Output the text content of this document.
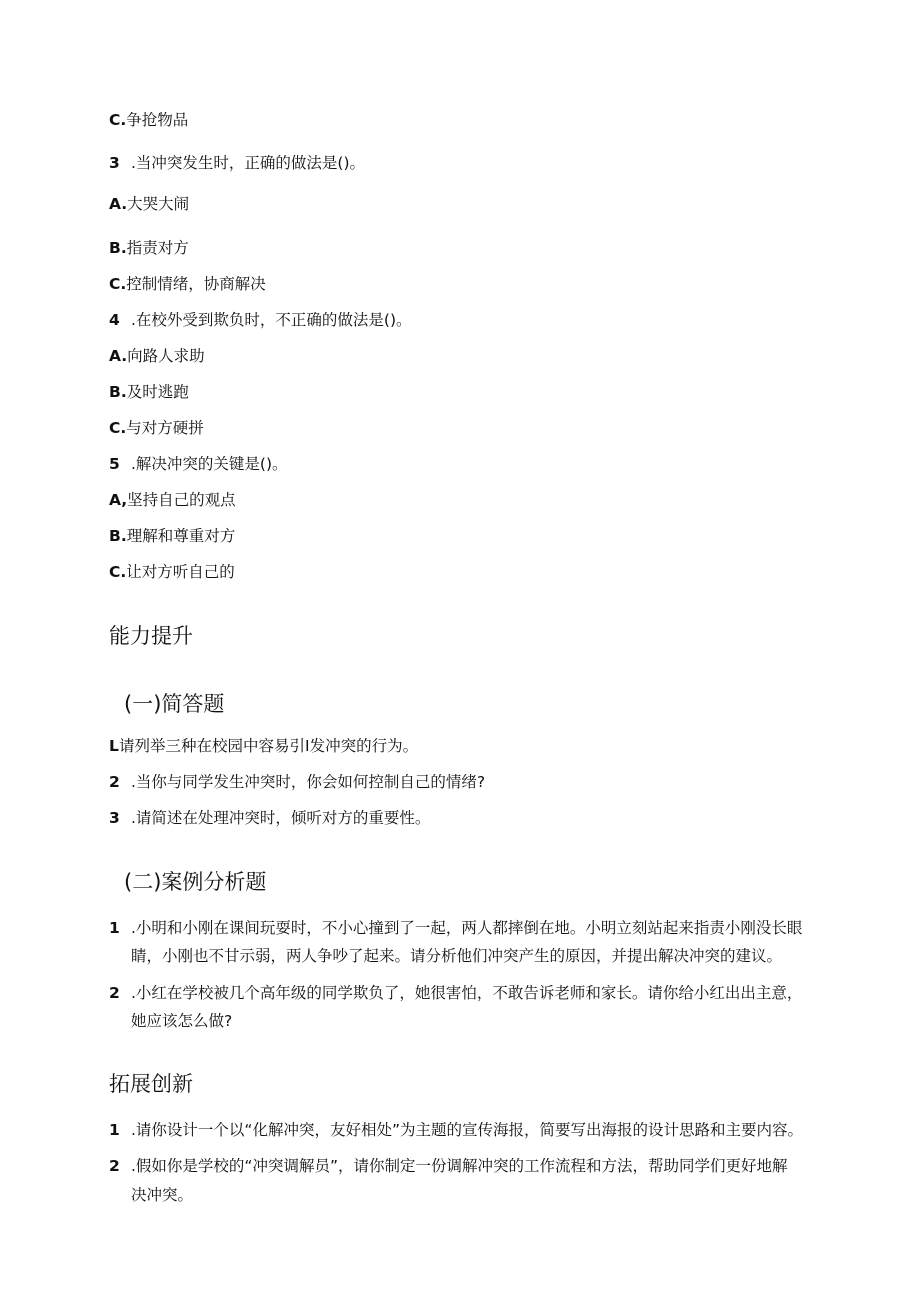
C.争抢物品
3 .当冲突发生时，正确的做法是()。
A.大哭大闹
B.指责对方
C.控制情绪，协商解决
4 .在校外受到欺负时，不正确的做法是()。
A.向路人求助
B.及时逃跑
C.与对方硬拼
5 .解决冲突的关键是()。
A,坚持自己的观点
B.理解和尊重对方
C.让对方听自己的
能力提升
(一)简答题
L请列举三种在校园中容易引I发冲突的行为。
2 .当你与同学发生冲突时，你会如何控制自己的情绪?
3 .请简述在处理冲突时，倾听对方的重要性。
(二)案例分析题
1 .小明和小刚在课间玩耍时，不小心撞到了一起，两人都摔倒在地。小明立刻站起来指责小刚没长眼
睛，小刚也不甘示弱，两人争吵了起来。请分析他们冲突产生的原因，并提出解决冲突的建议。
2 .小红在学校被几个高年级的同学欺负了，她很害怕，不敢告诉老师和家长。请你给小红出出主意，
她应该怎么做?
拓展创新
1 .请你设计一个以“化解冲突，友好相处”为主题的宣传海报，简要写出海报的设计思路和主要内容。
2 .假如你是学校的“冲突调解员”，请你制定一份调解冲突的工作流程和方法，帮助同学们更好地解
决冲突。
